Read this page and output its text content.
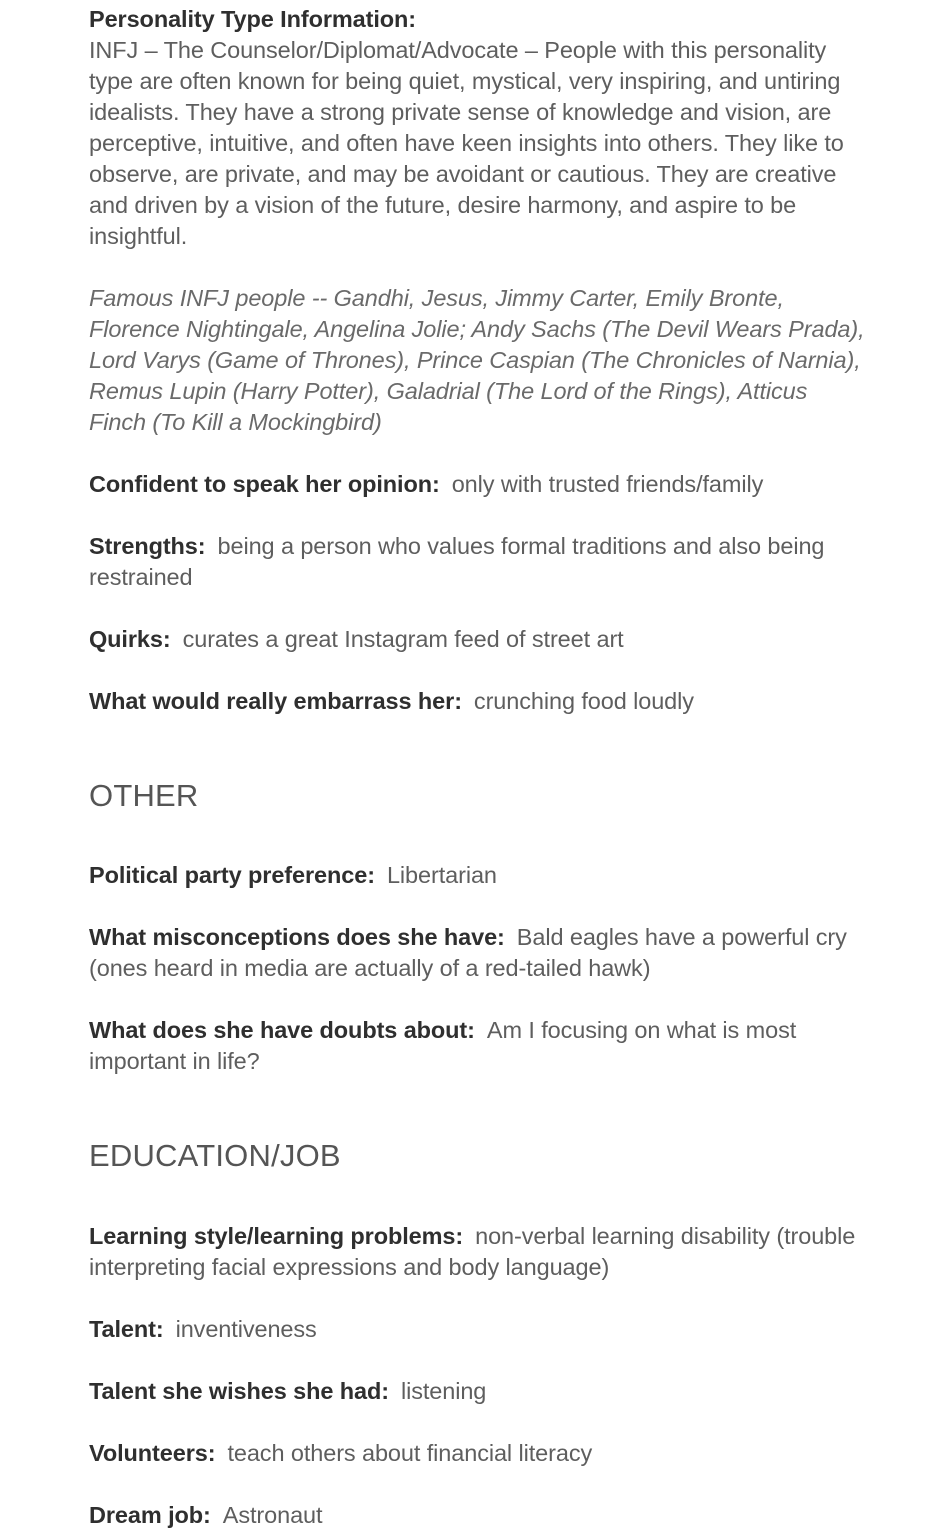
Personality Type Information:
INFJ – The Counselor/Diplomat/Advocate – People with this personality type are often known for being quiet, mystical, very inspiring, and untiring idealists. They have a strong private sense of knowledge and vision, are perceptive, intuitive, and often have keen insights into others. They like to observe, are private, and may be avoidant or cautious. They are creative and driven by a vision of the future, desire harmony, and aspire to be insightful.

Famous INFJ people -- Gandhi, Jesus, Jimmy Carter, Emily Bronte, Florence Nightingale, Angelina Jolie; Andy Sachs (The Devil Wears Prada), Lord Varys (Game of Thrones), Prince Caspian (The Chronicles of Narnia), Remus Lupin (Harry Potter), Galadrial (The Lord of the Rings), Atticus Finch (To Kill a Mockingbird)

Confident to speak her opinion: only with trusted friends/family

Strengths: being a person who values formal traditions and also being restrained

Quirks: curates a great Instagram feed of street art

What would really embarrass her: crunching food loudly

OTHER

Political party preference: Libertarian

What misconceptions does she have: Bald eagles have a powerful cry (ones heard in media are actually of a red-tailed hawk)

What does she have doubts about: Am I focusing on what is most important in life?

EDUCATION/JOB

Learning style/learning problems: non-verbal learning disability (trouble interpreting facial expressions and body language)

Talent: inventiveness

Talent she wishes she had: listening

Volunteers: teach others about financial literacy

Dream job: Astronaut
